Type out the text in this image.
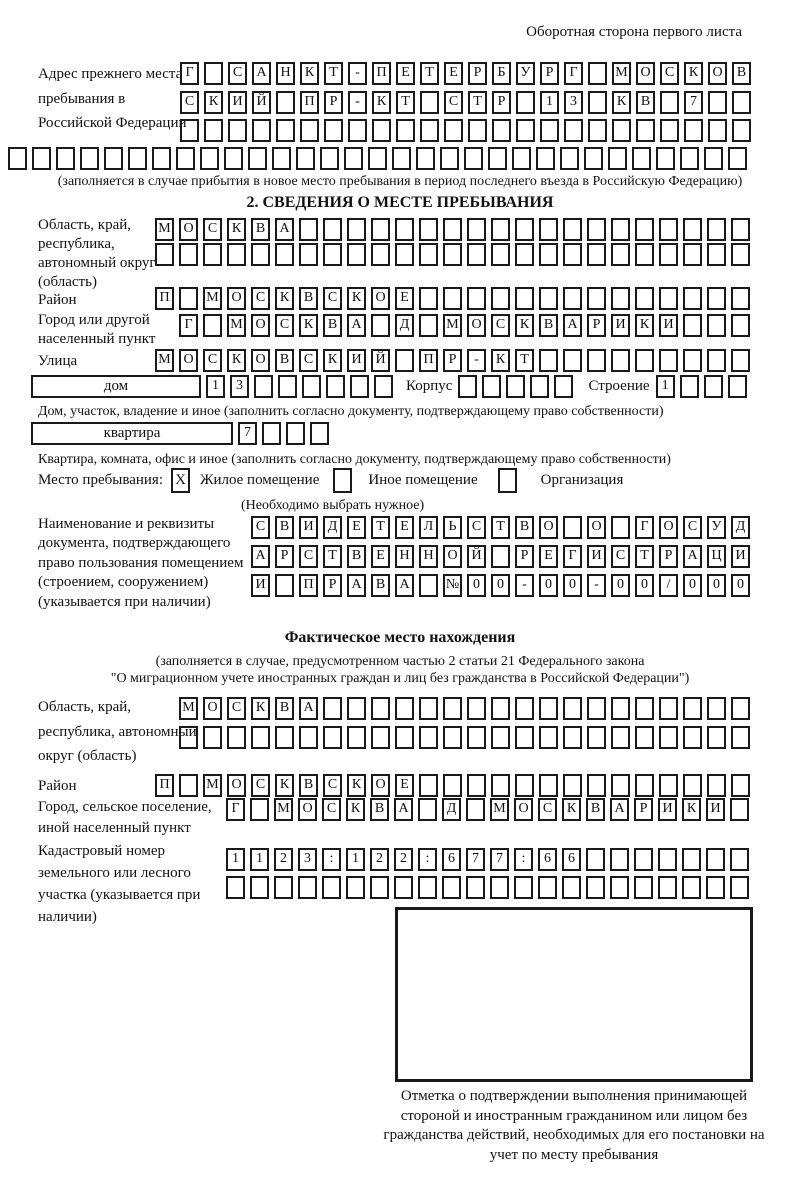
Оборотная сторона первого листа
Адрес прежнего места пребывания в Российской Федерации
Г	С А Н К Т - П Е Т Е Р Б У Р Г	М О С К О В
С К И Й	П Р - К Т	С Т Р	1 3	К В	7
(заполняется в случае прибытия в новое место пребывания в период последнего въезда в Российскую Федерацию)
2. СВЕДЕНИЯ О МЕСТЕ ПРЕБЫВАНИЯ
Область, край, республика, автономный округ (область)
М О С К В А
Район	П	М О С К В С К О Е
Город или другой населенный пункт
Г	М О С К В А	Д	М О С К В А Р И К И
Улица	М О С К О В С К И Й	П Р - К Т
дом	1 3	Корпус	Строение 1
Дом, участок, владение и иное (заполнить согласно документу, подтверждающему право собственности)
квартира	7
Квартира, комната, офис и иное (заполнить согласно документу, подтверждающему право собственности)
Место пребывания: X Жилое помещение	Иное помещение	Организация
(Необходимо выбрать нужное)
Наименование и реквизиты документа, подтверждающего право пользования помещением (строением, сооружением) (указывается при наличии)
С В И Д Е Т Е Л Ь С Т В О	О	Г О С У Д
А Р С Т В Е Н Н О Й	Р Е Г И С Т Р А Ц И
И	П Р А В А	№ 0 0 - 0 0 - 0 0 / 0 0 0
Фактическое место нахождения
(заполняется в случае, предусмотренном частью 2 статьи 21 Федерального закона
"О миграционном учете иностранных граждан и лиц без гражданства в Российской Федерации")
Область, край, республика, автономный округ (область)
М О С К В А
Район	П	М О С К В С К О Е
Город, сельское поселение, иной населенный пункт
Г	М О С К В А	Д	М О С К В А Р И К И
Кадастровый номер земельного или лесного участка (указывается при наличии)
1 1 2 3 : 1 2 2 : 6 7 7 : 6 6
Отметка о подтверждении выполнения принимающей стороной и иностранным гражданином или лицом без гражданства действий, необходимых для его постановки на учет по месту пребывания
